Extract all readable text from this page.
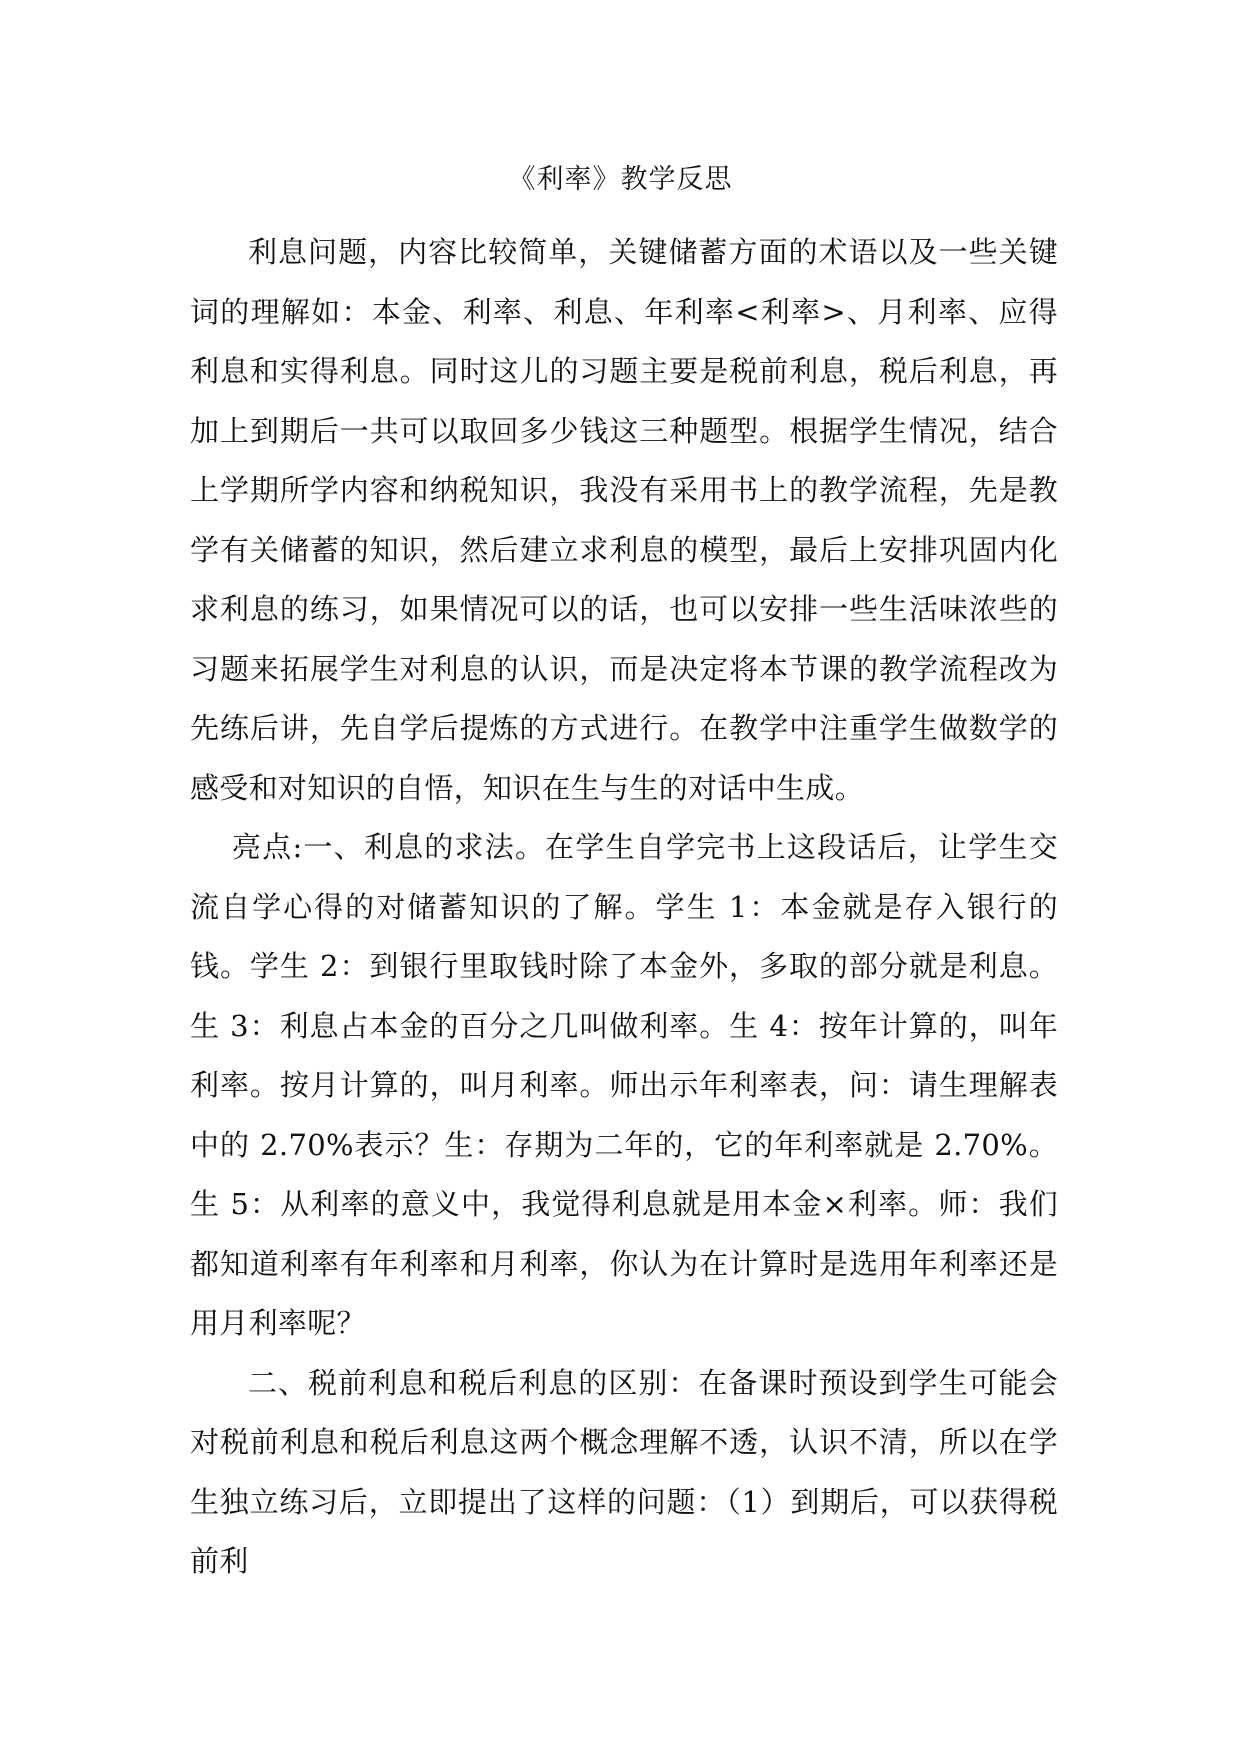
《利率》教学反思

利息问题，内容比较简单，关键储蓄方面的术语以及一些关键词的理解如：本金、利率、利息、年利率<利率>、月利率、应得利息和实得利息。同时这儿的习题主要是税前利息，税后利息，再加上到期后一共可以取回多少钱这三种题型。根据学生情况，结合上学期所学内容和纳税知识，我没有采用书上的教学流程，先是教学有关储蓄的知识，然后建立求利息的模型，最后上安排巩固内化求利息的练习，如果情况可以的话，也可以安排一些生活味浓些的习题来拓展学生对利息的认识，而是决定将本节课的教学流程改为先练后讲，先自学后提炼的方式进行。在教学中注重学生做数学的感受和对知识的自悟，知识在生与生的对话中生成。

亮点:一、利息的求法。在学生自学完书上这段话后，让学生交流自学心得的对储蓄知识的了解。学生 1：本金就是存入银行的钱。学生 2：到银行里取钱时除了本金外，多取的部分就是利息。生 3：利息占本金的百分之几叫做利率。生 4：按年计算的，叫年利率。按月计算的，叫月利率。师出示年利率表，问：请生理解表中的 2.70%表示？生：存期为二年的，它的年利率就是 2.70%。生 5：从利率的意义中，我觉得利息就是用本金×利率。师：我们都知道利率有年利率和月利率，你认为在计算时是选用年利率还是用月利率呢？

二、税前利息和税后利息的区别：在备课时预设到学生可能会对税前利息和税后利息这两个概念理解不透，认识不清，所以在学生独立练习后，立即提出了这样的问题：（1）到期后，可以获得税前利
